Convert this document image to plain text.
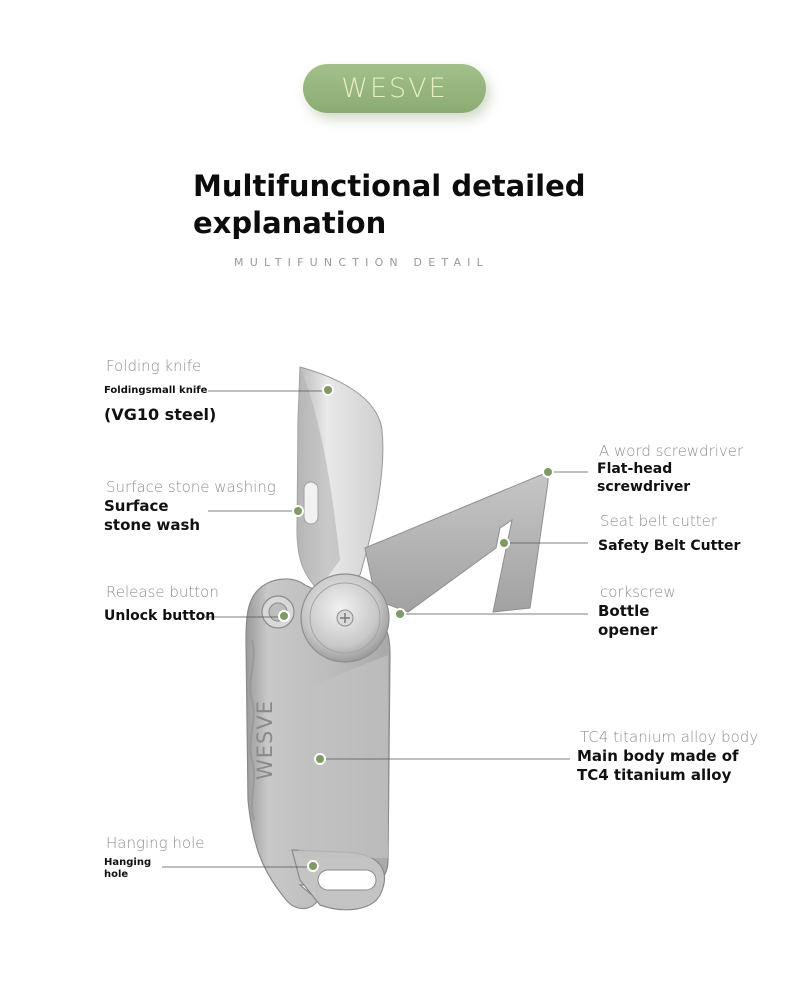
WESVE
Multifunctional detailed
explanation
MULTIFUNCTION DETAIL
WESVE
Folding knife
Foldingsmall knife
(VG10 steel)
Surface stone washing
Surface
stone wash
Release button
Unlock button
Hanging hole
Hanging
hole
A word screwdriver
Flat-head
screwdriver
Seat belt cutter
Safety Belt Cutter
corkscrew
Bottle
opener
TC4 titanium alloy body
Main body made of
TC4 titanium alloy
